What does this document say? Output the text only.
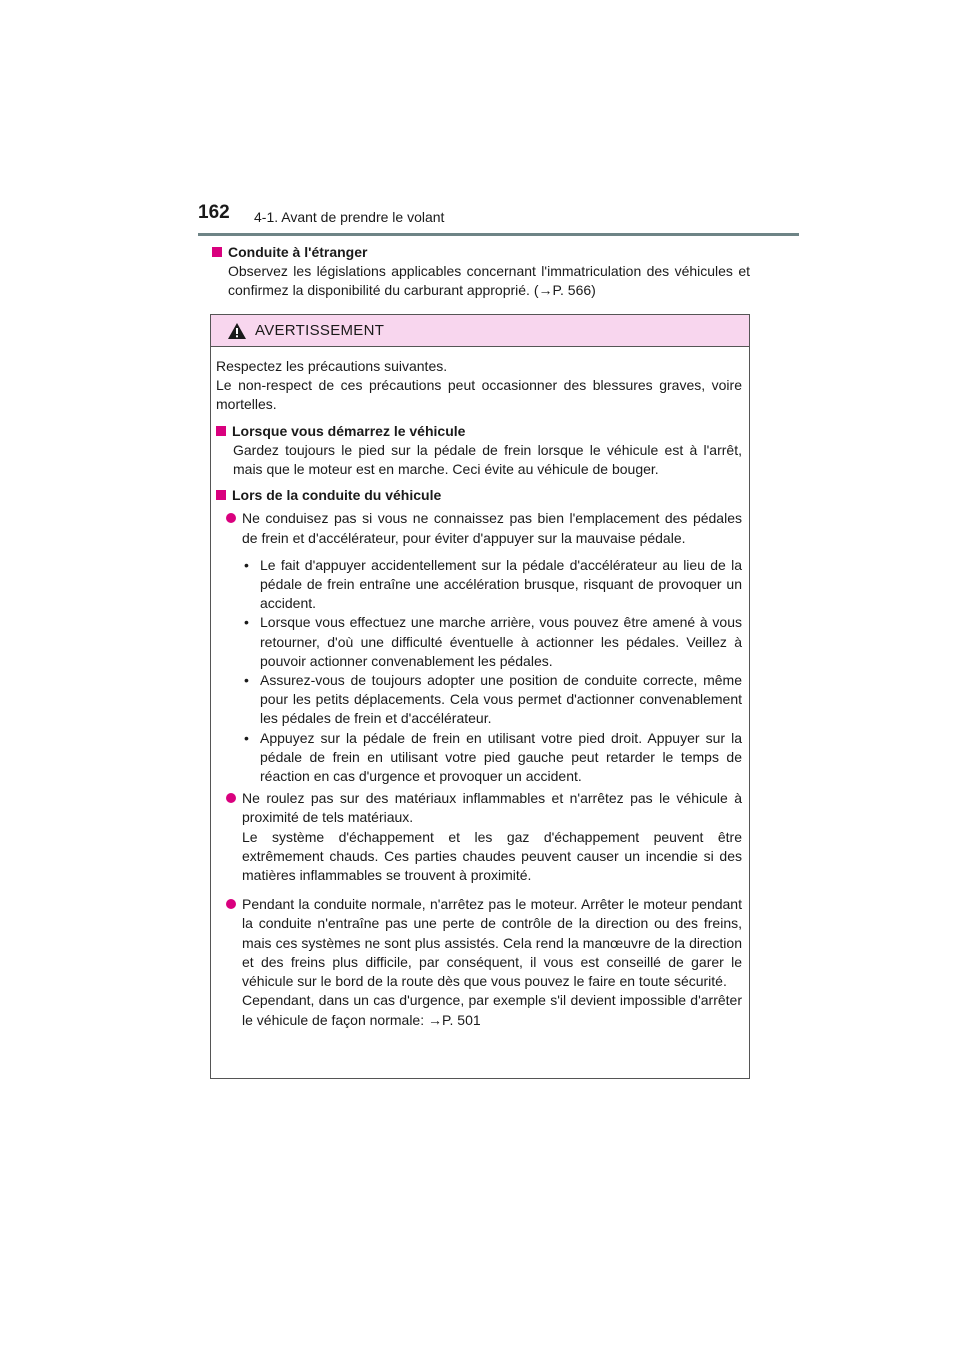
162 4-1. Avant de prendre le volant
Conduite à l'étranger
Observez les législations applicables concernant l'immatriculation des véhicules et confirmez la disponibilité du carburant approprié. (→P. 566)
AVERTISSEMENT

Respectez les précautions suivantes.

Le non-respect de ces précautions peut occasionner des blessures graves, voire mortelles.

Lorsque vous démarrez le véhicule

Gardez toujours le pied sur la pédale de frein lorsque le véhicule est à l'arrêt, mais que le moteur est en marche. Ceci évite au véhicule de bouger.

Lors de la conduite du véhicule
Ne conduisez pas si vous ne connaissez pas bien l'emplacement des pédales de frein et d'accélérateur, pour éviter d'appuyer sur la mauvaise pédale.
• Le fait d'appuyer accidentellement sur la pédale d'accélérateur au lieu de la pédale de frein entraîne une accélération brusque, risquant de provoquer un accident.
• Lorsque vous effectuez une marche arrière, vous pouvez être amené à vous retourner, d'où une difficulté éventuelle à actionner les pédales. Veillez à pouvoir actionner convenablement les pédales.
• Assurez-vous de toujours adopter une position de conduite correcte, même pour les petits déplacements. Cela vous permet d'actionner convenablement les pédales de frein et d'accélérateur.
• Appuyez sur la pédale de frein en utilisant votre pied droit. Appuyer sur la pédale de frein en utilisant votre pied gauche peut retarder le temps de réaction en cas d'urgence et provoquer un accident.
Ne roulez pas sur des matériaux inflammables et n'arrêtez pas le véhicule à proximité de tels matériaux.
Le système d'échappement et les gaz d'échappement peuvent être extrêmement chauds. Ces parties chaudes peuvent causer un incendie si des matières inflammables se trouvent à proximité.
Pendant la conduite normale, n'arrêtez pas le moteur. Arrêter le moteur pendant la conduite n'entraîne pas une perte de contrôle de la direction ou des freins, mais ces systèmes ne sont plus assistés. Cela rend la manœuvre de la direction et des freins plus difficile, par conséquent, il vous est conseillé de garer le véhicule sur le bord de la route dès que vous pouvez le faire en toute sécurité.
Cependant, dans un cas d'urgence, par exemple s'il devient impossible d'arrêter le véhicule de façon normale: →P. 501
